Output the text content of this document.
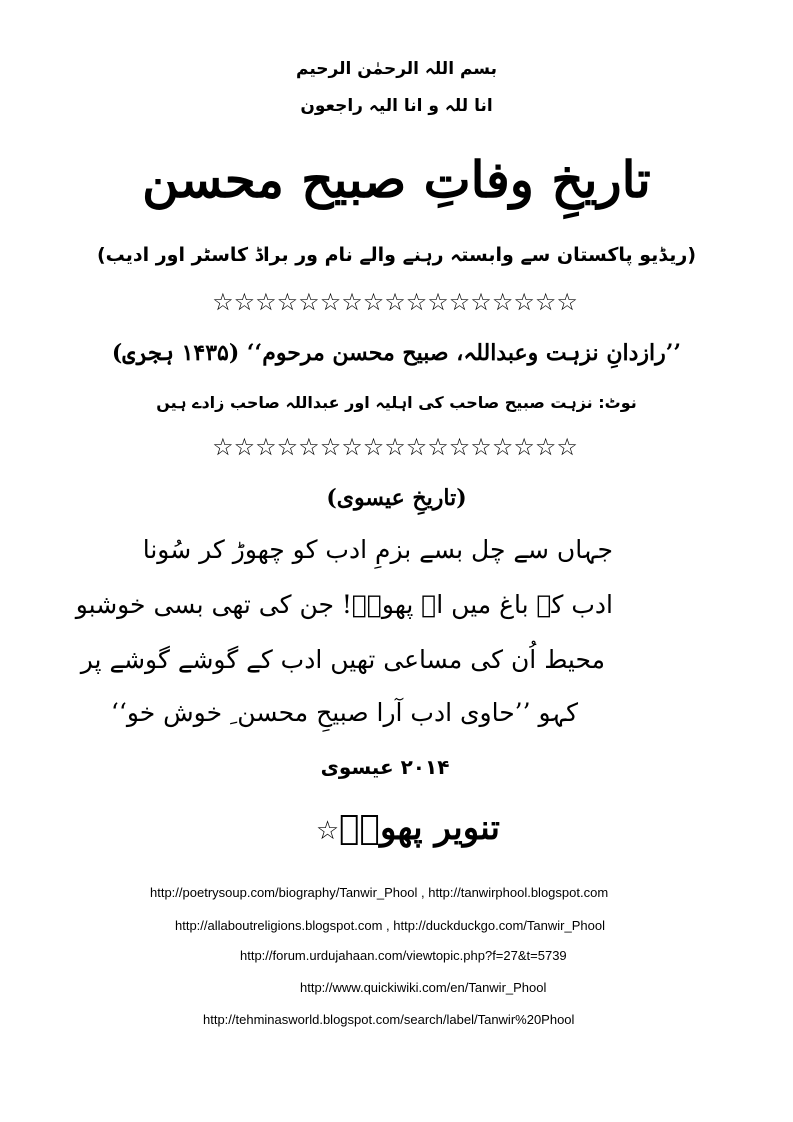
بسم اللہ الرحمٰن الرحیم
انا للہ و انا الیہ راجعون
تاریخِ وفاتِ صبیح محسن
(ریڈیو پاکستان سے وابستہ رہنے والے نام ور براڈ کاسٹر اور ادیب)
☆☆☆☆☆☆☆☆☆☆☆☆☆☆☆☆☆
’’رازدانِ نزہت وعبداللہ، صبیح محسن مرحوم‘‘ (۱۴۳۵ ہجری)
نوٹ: نزہت صبیح صاحب کی اہلیہ اور عبداللہ صاحب زادے ہیں
☆☆☆☆☆☆☆☆☆☆☆☆☆☆☆☆☆
(تاریخِ عیسوی)
جہاں سے چل بسے بزمِ ادب کو چھوڑ کر سُونا
ادب کے باغ میں اے پھولؔ! جن کی تھی بسی خوشبو
محیط اُن کی مساعی تھیں ادب کے گوشے گوشے پر
کہو ’’حاوی ادب آرا صبیحِ محسن ِ خوش خو‘‘
۲۰۱۴ عیسوی
تنویر پھولؔ☆
http://poetrysoup.com/biography/Tanwir_Phool , http://tanwirphool.blogspot.com
http://allaboutreligions.blogspot.com , http://duckduckgo.com/Tanwir_Phool
http://forum.urdujahaan.com/viewtopic.php?f=27&t=5739
http://www.quickiwiki.com/en/Tanwir_Phool
http://tehminasworld.blogspot.com/search/label/Tanwir%20Phool
